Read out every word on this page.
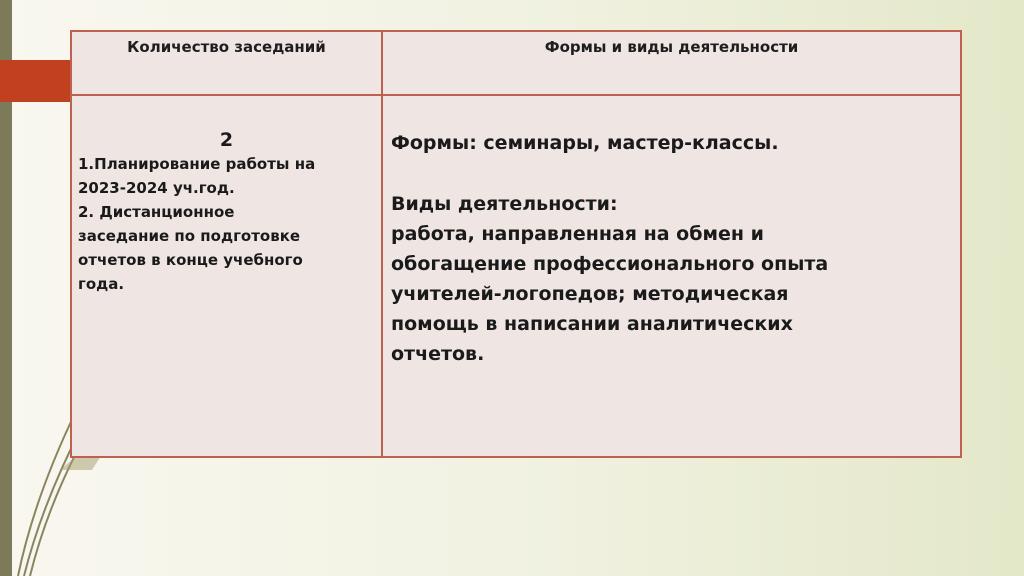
Количество заседаний	Формы и виды деятельности
2
1.Планирование работы на
2023-2024 уч.год.
2. Дистанционное
заседание по подготовке
отчетов в конце учебного
года.
Формы: семинары, мастер-классы.
Виды деятельности:
работа, направленная на обмен и
обогащение профессионального опыта
учителей-логопедов; методическая
помощь в написании аналитических
отчетов.
